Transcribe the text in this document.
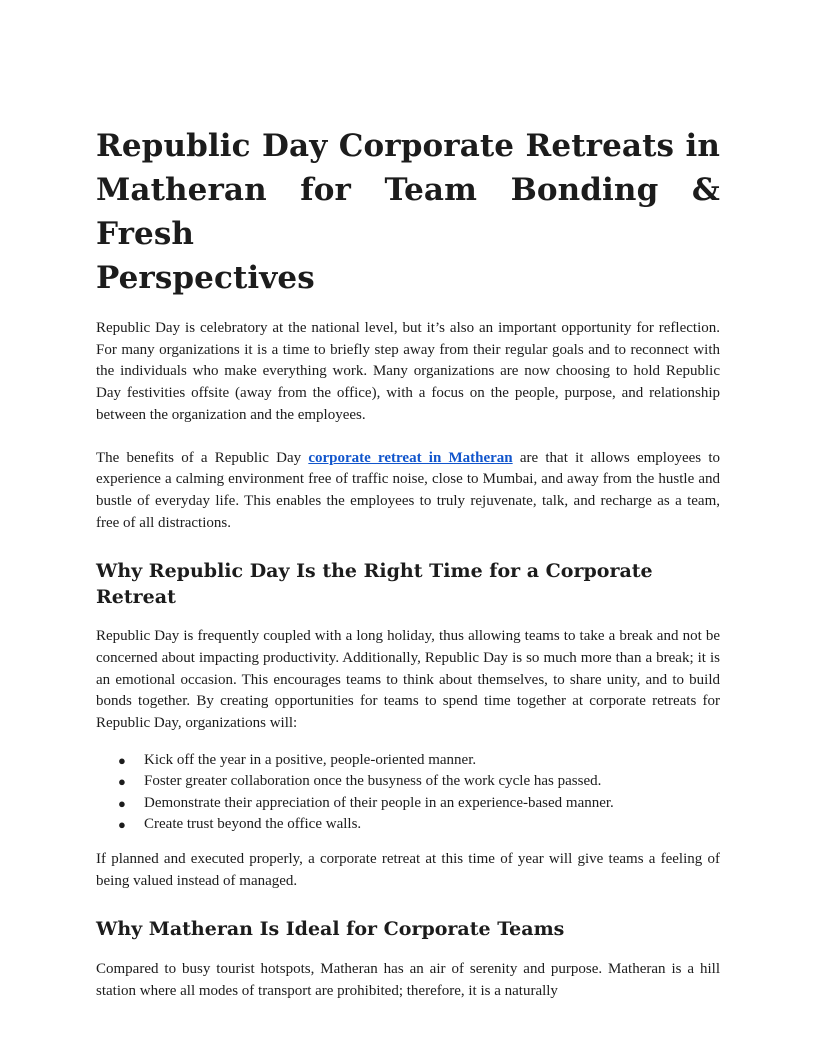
Republic Day Corporate Retreats in
Matheran for Team Bonding & Fresh
Perspectives

Republic Day is celebratory at the national level, but it’s also an important opportunity for reflection. For many organizations it is a time to briefly step away from their regular goals and to reconnect with the individuals who make everything work. Many organizations are now choosing to hold Republic Day festivities offsite (away from the office), with a focus on the people, purpose, and relationship between the organization and the employees.

The benefits of a Republic Day corporate retreat in Matheran are that it allows employees to experience a calming environment free of traffic noise, close to Mumbai, and away from the hustle and bustle of everyday life. This enables the employees to truly rejuvenate, talk, and recharge as a team, free of all distractions.

Why Republic Day Is the Right Time for a Corporate Retreat

Republic Day is frequently coupled with a long holiday, thus allowing teams to take a break and not be concerned about impacting productivity. Additionally, Republic Day is so much more than a break; it is an emotional occasion. This encourages teams to think about themselves, to share unity, and to build bonds together. By creating opportunities for teams to spend time together at corporate retreats for Republic Day, organizations will:

● Kick off the year in a positive, people-oriented manner.
● Foster greater collaboration once the busyness of the work cycle has passed.
● Demonstrate their appreciation of their people in an experience-based manner.
● Create trust beyond the office walls.

If planned and executed properly, a corporate retreat at this time of year will give teams a feeling of being valued instead of managed.

Why Matheran Is Ideal for Corporate Teams

Compared to busy tourist hotspots, Matheran has an air of serenity and purpose. Matheran is a hill station where all modes of transport are prohibited; therefore, it is a naturally
